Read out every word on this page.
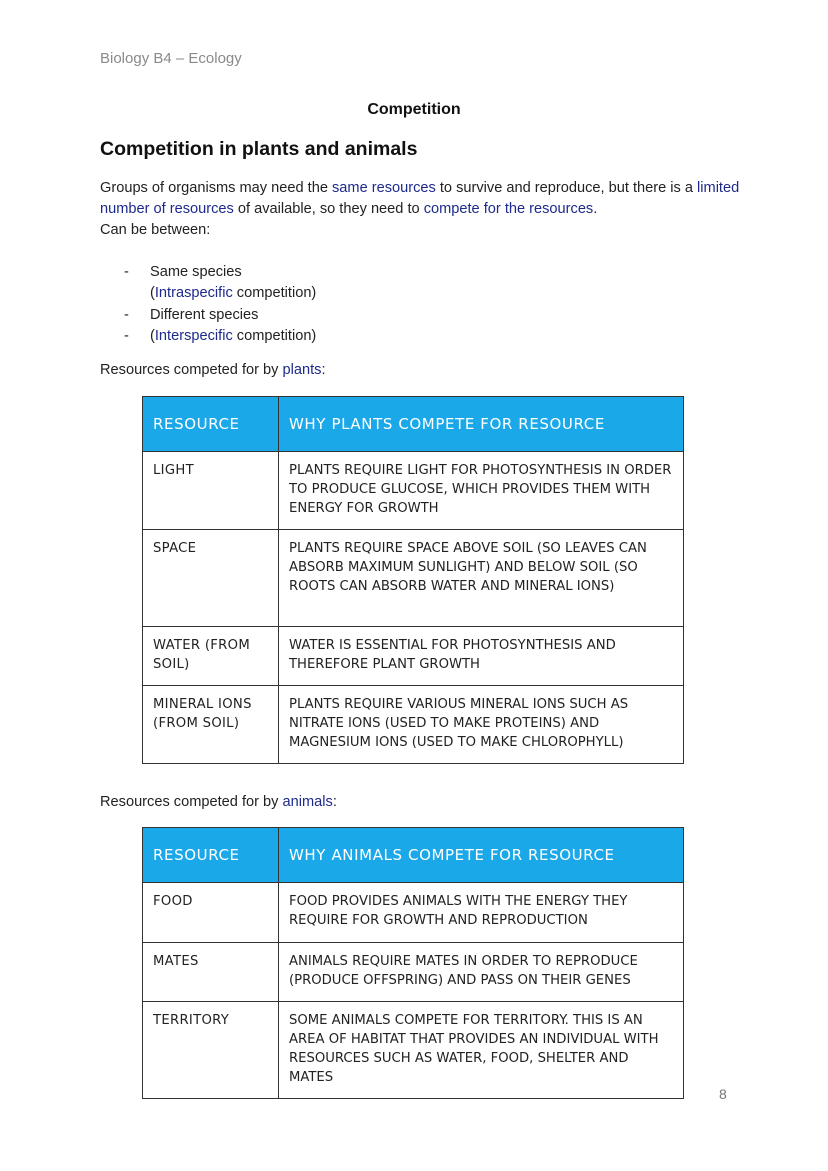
Biology B4 – Ecology
Competition
Competition in plants and animals
Groups of organisms may need the same resources to survive and reproduce, but there is a limited number of resources of available, so they need to compete for the resources.
Can be between:
-	Same species
(Intraspecific competition)
-	Different species
-	(Interspecific competition)
Resources competed for by plants:
RESOURCE	WHY PLANTS COMPETE FOR RESOURCE
LIGHT	PLANTS REQUIRE LIGHT FOR PHOTOSYNTHESIS IN ORDER TO PRODUCE GLUCOSE, WHICH PROVIDES THEM WITH ENERGY FOR GROWTH
SPACE	PLANTS REQUIRE SPACE ABOVE SOIL (SO LEAVES CAN ABSORB MAXIMUM SUNLIGHT) AND BELOW SOIL (SO ROOTS CAN ABSORB WATER AND MINERAL IONS)
WATER (FROM SOIL)	WATER IS ESSENTIAL FOR PHOTOSYNTHESIS AND THEREFORE PLANT GROWTH
MINERAL IONS (FROM SOIL)	PLANTS REQUIRE VARIOUS MINERAL IONS SUCH AS NITRATE IONS (USED TO MAKE PROTEINS) AND MAGNESIUM IONS (USED TO MAKE CHLOROPHYLL)
Resources competed for by animals:
RESOURCE	WHY ANIMALS COMPETE FOR RESOURCE
FOOD	FOOD PROVIDES ANIMALS WITH THE ENERGY THEY REQUIRE FOR GROWTH AND REPRODUCTION
MATES	ANIMALS REQUIRE MATES IN ORDER TO REPRODUCE (PRODUCE OFFSPRING) AND PASS ON THEIR GENES
TERRITORY	SOME ANIMALS COMPETE FOR TERRITORY. THIS IS AN AREA OF HABITAT THAT PROVIDES AN INDIVIDUAL WITH RESOURCES SUCH AS WATER, FOOD, SHELTER AND MATES
8
